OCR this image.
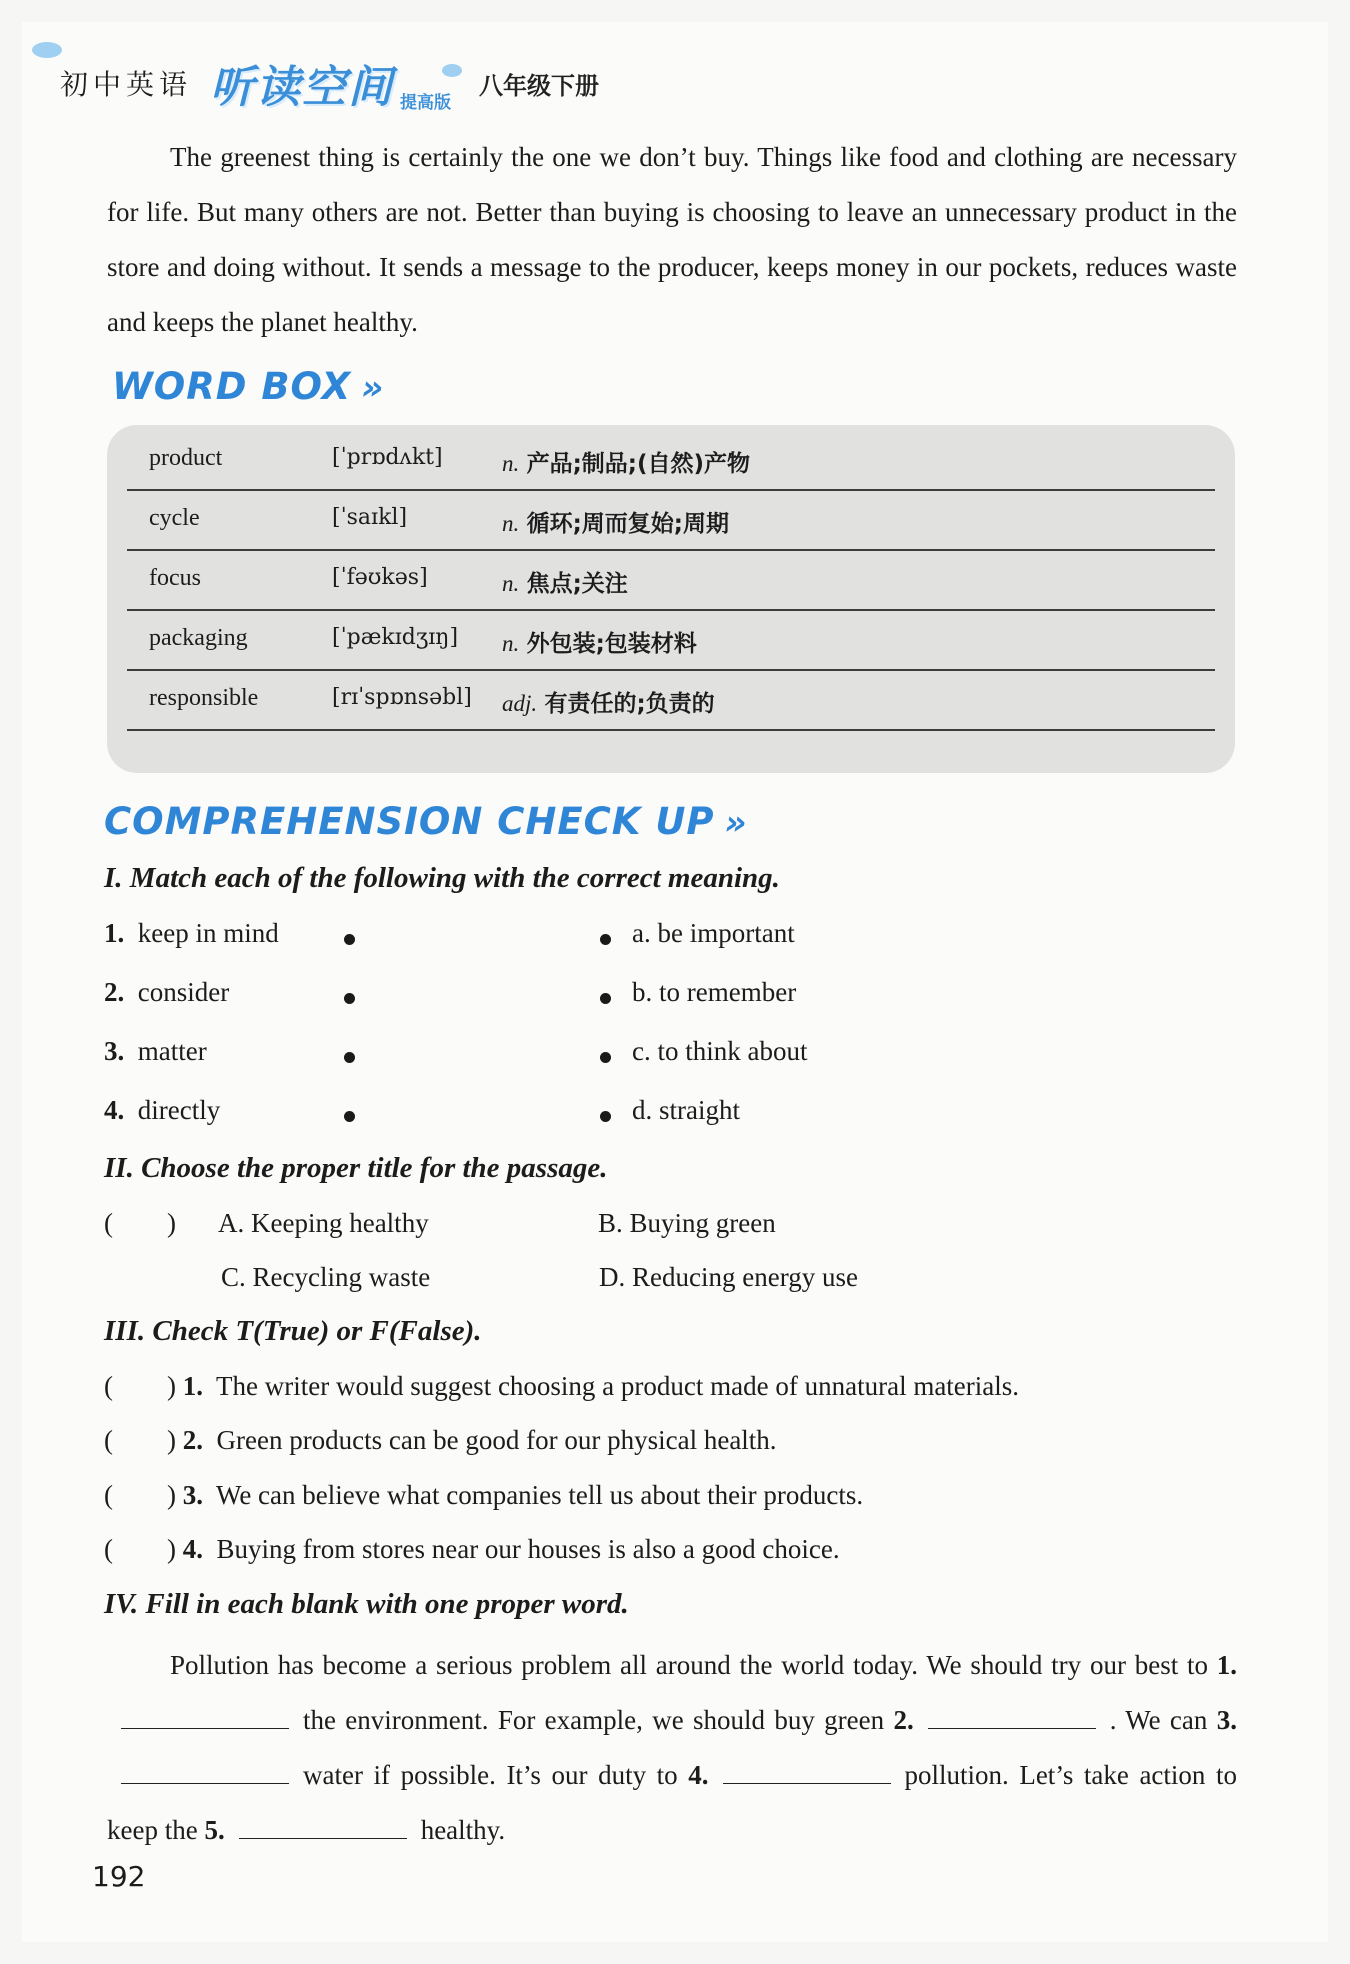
初中英语 听读空间 提高版
八年级下册

The greenest thing is certainly the one we don’t buy. Things like food and clothing are necessary for life. But many others are not. Better than buying is choosing to leave an unnecessary product in the store and doing without. It sends a message to the producer, keeps money in our pockets, reduces waste and keeps the planet healthy.

WORD BOX »
product	[ˈprɒdʌkt]	n. 产品;制品;(自然)产物
cycle	[ˈsaɪkl]	n. 循环;周而复始;周期
focus	[ˈfəʊkəs]	n. 焦点;关注
packaging	[ˈpækɪdʒɪŋ] n. 外包装;包装材料
responsible	[rɪˈspɒnsəbl] adj. 有责任的;负责的
COMPREHENSION CHECK UP »
I. Match each of the following with the correct meaning.
1. keep in mind
2. consider
3. matter
4. directly
a. be important
b. to remember
c. to think about
d. straight
II. Choose the proper title for the passage.
(        ) A. Keeping healthy	B. Buying green
C. Recycling waste	D. Reducing energy use
III. Check T(True) or F(False).
(        ) 1. The writer would suggest choosing a product made of unnatural materials.
(        ) 2. Green products can be good for our physical health.
(        ) 3. We can believe what companies tell us about their products.
(        ) 4. Buying from stores near our houses is also a good choice.
IV. Fill in each blank with one proper word.

Pollution has become a serious problem all around the world today. We should try our best to 1.the environment. For example, we should buy green 2.	. We can 3.water if possible. It’s our duty to 4.	pollution. Let’s take action to keep the 5.	healthy.

192
